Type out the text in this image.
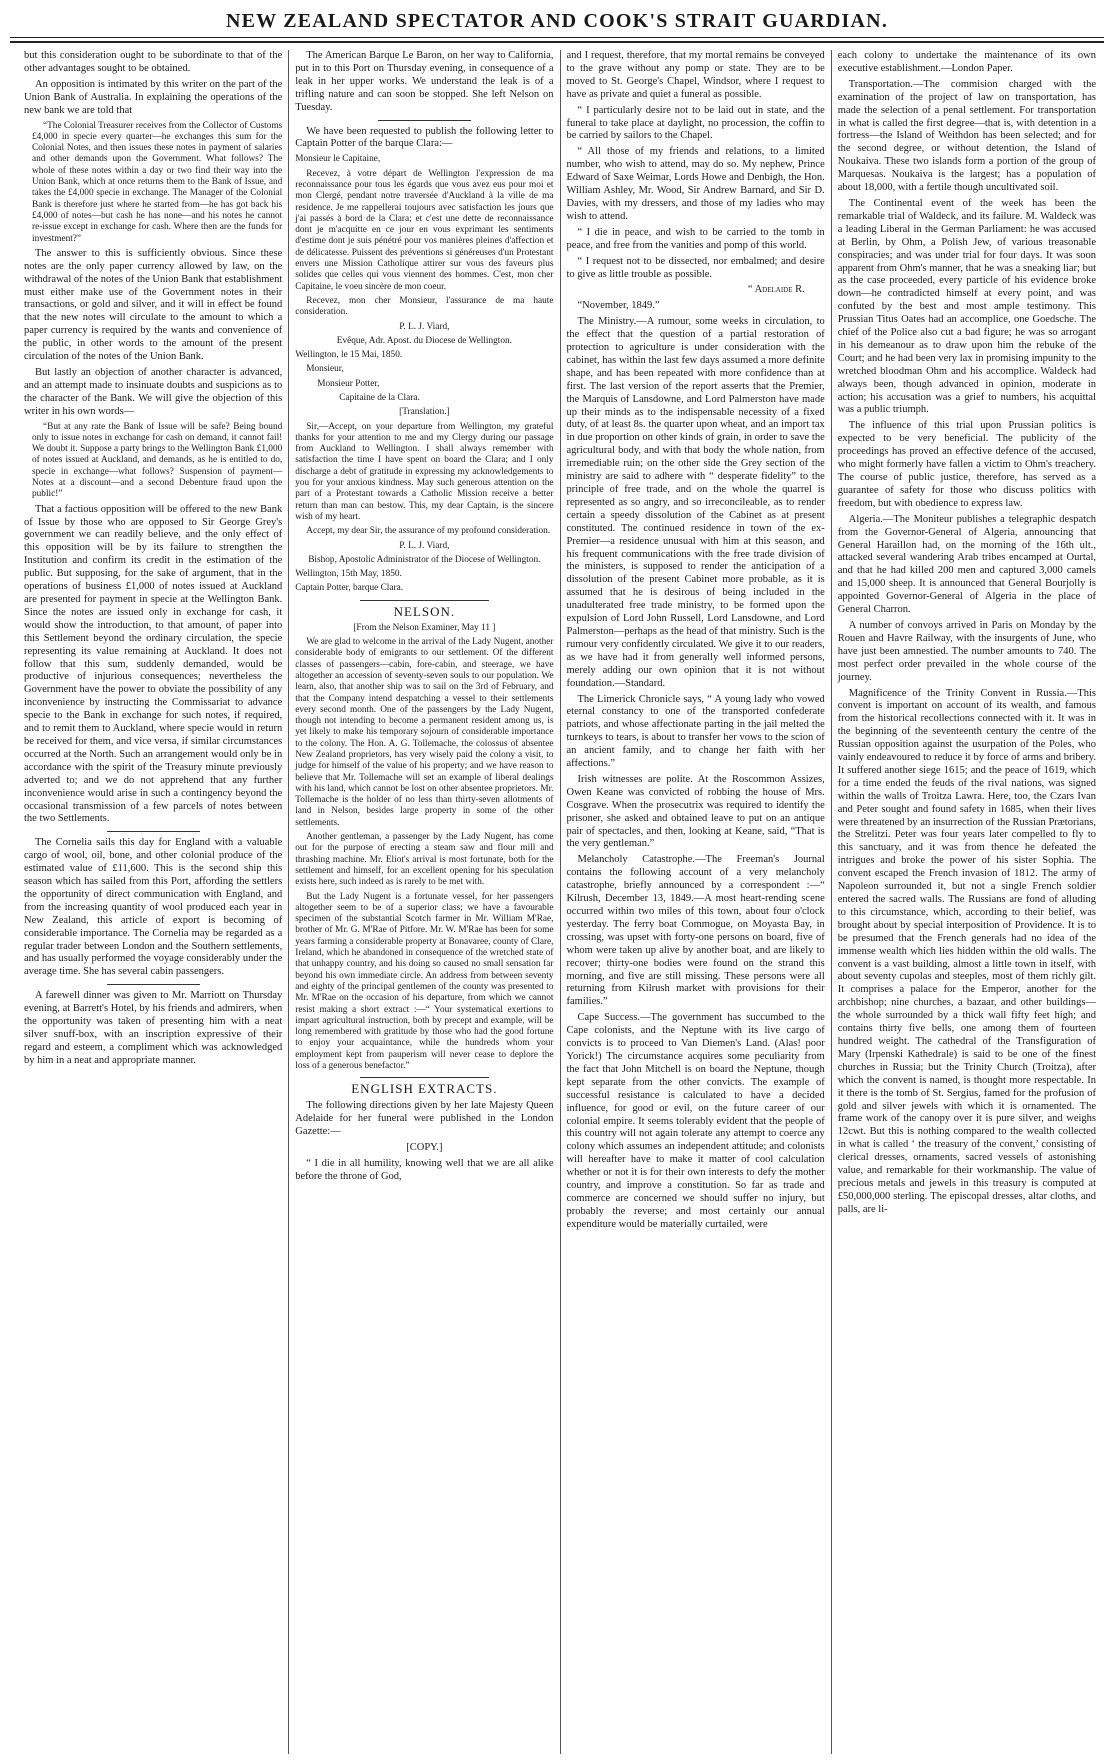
NEW ZEALAND SPECTATOR AND COOK'S STRAIT GUARDIAN.

but this consideration ought to be subordinate to that of the other advantages sought to be obtained.

An opposition is intimated by this writer on the part of the Union Bank of Australia. In explaining the operations of the new bank we are told that

“The Colonial Treasurer receives from the Collector of Customs £4,000 in specie every quarter—he exchanges this sum for the Colonial Notes, and then issues these notes in payment of salaries and other demands upon the Government. What follows? The whole of these notes within a day or two find their way into the Union Bank, which at once returns them to the Bank of Issue, and takes the £4,000 specie in exchange. The Manager of the Colonial Bank is therefore just where he started from—he has got back his £4,000 of notes—but cash he has none—and his notes he cannot re-issue except in exchange for cash. Where then are the funds for investment?”

The answer to this is sufficiently obvious. Since these notes are the only paper currency allowed by law, on the withdrawal of the notes of the Union Bank that establishment must either make use of the Government notes in their transactions, or gold and silver, and it will in effect be found that the new notes will circulate to the amount to which a paper currency is required by the wants and convenience of the public, in other words to the amount of the present circulation of the notes of the Union Bank.

But lastly an objection of another character is advanced, and an attempt made to insinuate doubts and suspicions as to the character of the Bank. We will give the objection of this writer in his own words—

“But at any rate the Bank of Issue will be safe? Being bound only to issue notes in exchange for cash on demand, it cannot fail! We doubt it. Suppose a party brings to the Wellington Bank £1,000 of notes issued at Auckland, and demands, as he is entitled to do, specie in exchange—what follows? Suspension of payment—Notes at a discount—and a second Debenture fraud upon the public!”

That a factious opposition will be offered to the new Bank of Issue by those who are opposed to Sir George Grey's government we can readily believe, and the only effect of this opposition will be by its failure to strengthen the Institution and confirm its credit in the estimation of the public. But supposing, for the sake of argument, that in the operations of business £1,000 of notes issued at Auckland are presented for payment in specie at the Wellington Bank. Since the notes are issued only in exchange for cash, it would show the introduction, to that amount, of paper into this Settlement beyond the ordinary circulation, the specie representing its value remaining at Auckland. It does not follow that this sum, suddenly demanded, would be productive of injurious consequences; nevertheless the Government have the power to obviate the possibility of any inconvenience by instructing the Commissariat to advance specie to the Bank in exchange for such notes, if required, and to remit them to Auckland, where specie would in return be received for them, and vice versa, if similar circumstances occurred at the North. Such an arrangement would only be in accordance with the spirit of the Treasury minute previously adverted to; and we do not apprehend that any further inconvenience would arise in such a contingency beyond the occasional transmission of a few parcels of notes between the two Settlements.

The Cornelia sails this day for England with a valuable cargo of wool, oil, bone, and other colonial produce of the estimated value of £11,600. This is the second ship this season which has sailed from this Port, affording the settlers the opportunity of direct communication with England, and from the increasing quantity of wool produced each year in New Zealand, this article of export is becoming of considerable importance. The Cornelia may be regarded as a regular trader between London and the Southern settlements, and has usually performed the voyage considerably under the average time. She has several cabin passengers.

A farewell dinner was given to Mr. Marriott on Thursday evening, at Barrett's Hotel, by his friends and admirers, when the opportunity was taken of presenting him with a neat silver snuff-box, with an inscription expressive of their regard and esteem, a compliment which was acknowledged by him in a neat and appropriate manner.

The American Barque Le Baron, on her way to California, put in to this Port on Thursday evening, in consequence of a leak in her upper works. We understand the leak is of a trifling nature and can soon be stopped. She left Nelson on Tuesday.

We have been requested to publish the following letter to Captain Potter of the barque Clara:—

Monsieur le Capitaine,

Recevez, à votre départ de Wellington l'expression de ma reconnaissance pour tous les égards que vous avez eus pour moi et mon Clergé, pendant notre traversée d'Auckland à la ville de ma residence. Je me rappellerai toujours avec satisfaction les jours que j'ai passés à bord de la Clara; et c'est une dette de reconnaissance dont je m'acquitte en ce jour en vous exprimant les sentiments d'estime dont je suis pénétré pour vos manières pleines d'affection et de délicatesse. Puissent des préventions si généreuses d'un Protestant envers une Mission Catholique attirer sur vous des faveurs plus solides que celles qui vous viennent des hommes. C'est, mon cher Capitaine, le voeu sincère de mon coeur.

Recevez, mon cher Monsieur, l'assurance de ma haute consideration.

P. L. J. Viard,

Evêque, Adr. Apost. du Diocese de Wellington.

Wellington, le 15 Mai, 1850.

Monsieur,

Monsieur Potter,

Capitaine de la Clara.

[Translation.]

Sir,—Accept, on your departure from Wellington, my grateful thanks for your attention to me and my Clergy during our passage from Auckland to Wellington. I shall always remember with satisfaction the time I have spent on board the Clara; and I only discharge a debt of gratitude in expressing my acknowledgements to you for your anxious kindness. May such generous attention on the part of a Protestant towards a Catholic Mission receive a better return than man can bestow. This, my dear Captain, is the sincere wish of my heart.

Accept, my dear Sir, the assurance of my profound consideration.

P. L. J. Viard,

Bishop, Apostolic Administrator of the Diocese of Wellington.

Wellington, 15th May, 1850.

Captain Potter, barque Clara.

NELSON.

[From the Nelson Examiner, May 11 ]

We are glad to welcome in the arrival of the Lady Nugent, another considerable body of emigrants to our settlement. Of the different classes of passengers—cabin, fore-cabin, and steerage, we have altogether an accession of seventy-seven souls to our population. We learn, also, that another ship was to sail on the 3rd of February, and that the Company intend despatching a vessel to their settlements every second month. One of the passengers by the Lady Nugent, though not intending to become a permanent resident among us, is yet likely to make his temporary sojourn of considerable importance to the colony. The Hon. A. G. Tollemache, the colossus of absentee New Zealand proprietors, has very wisely paid the colony a visit, to judge for himself of the value of his property; and we have reason to believe that Mr. Tollemache will set an example of liberal dealings with his land, which cannot be lost on other absentee proprietors. Mr. Tollemache is the holder of no less than thirty-seven allotments of land in Nelson, besides large property in some of the other settlements.

Another gentleman, a passenger by the Lady Nugent, has come out for the purpose of erecting a steam saw and flour mill and thrashing machine. Mr. Eliot's arrival is most fortunate, both for the settlement and himself, for an excellent opening for his speculation exists here, such indeed as is rarely to be met with.

But the Lady Nugent is a fortunate vessel, for her passengers altogether seem to be of a superior class; we have a favourable specimen of the substantial Scotch farmer in Mr. William M'Rae, brother of Mr. G. M'Rae of Pitfore. Mr. W. M'Rae has been for some years farming a considerable property at Bonavaree, county of Clare, Ireland, which he abandoned in consequence of the wretched state of that unhappy country, and his doing so caused no small sensation far beyond his own immediate circle. An address from between seventy and eighty of the principal gentlemen of the county was presented to Mr. M'Rae on the occasion of his departure, from which we cannot resist making a short extract :—“ Your systematical exertions to impart agricultural instruction, both by precept and example, will be long remembered with gratitude by those who had the good fortune to enjoy your acquaintance, while the hundreds whom your employment kept from pauperism will never cease to deplore the loss of a generous benefactor.”

ENGLISH EXTRACTS.

The following directions given by her late Majesty Queen Adelaide for her funeral were published in the London Gazette:—

[COPY.]

“ I die in all humility, knowing well that we are all alike before the throne of God,

and I request, therefore, that my mortal remains be conveyed to the grave without any pomp or state. They are to be moved to St. George's Chapel, Windsor, where I request to have as private and quiet a funeral as possible.

“ I particularly desire not to be laid out in state, and the funeral to take place at daylight, no procession, the coffin to be carried by sailors to the Chapel.

“ All those of my friends and relations, to a limited number, who wish to attend, may do so. My nephew, Prince Edward of Saxe Weimar, Lords Howe and Denbigh, the Hon. William Ashley, Mr. Wood, Sir Andrew Barnard, and Sir D. Davies, with my dressers, and those of my ladies who may wish to attend.

“ I die in peace, and wish to be carried to the tomb in peace, and free from the vanities and pomp of this world.

“ I request not to be dissected, nor embalmed; and desire to give as little trouble as possible.

“ Adelaide R.

“November, 1849.”

The Ministry.—A rumour, some weeks in circulation, to the effect that the question of a partial restoration of protection to agriculture is under consideration with the cabinet, has within the last few days assumed a more definite shape, and has been repeated with more confidence than at first. The last version of the report asserts that the Premier, the Marquis of Lansdowne, and Lord Palmerston have made up their minds as to the indispensable necessity of a fixed duty, of at least 8s. the quarter upon wheat, and an import tax in due proportion on other kinds of grain, in order to save the agricultural body, and with that body the whole nation, from irremediable ruin; on the other side the Grey section of the ministry are said to adhere with “ desperate fidelity” to the principle of free trade, and on the whole the quarrel is represented as so angry, and so irreconcileable, as to render certain a speedy dissolution of the Cabinet as at present constituted. The continued residence in town of the ex-Premier—a residence unusual with him at this season, and his frequent communications with the free trade division of the ministers, is supposed to render the anticipation of a dissolution of the present Cabinet more probable, as it is assumed that he is desirous of being included in the unadulterated free trade ministry, to be formed upon the expulsion of Lord John Russell, Lord Lansdowne, and Lord Palmerston—perhaps as the head of that ministry. Such is the rumour very confidently circulated. We give it to our readers, as we have had it from generally well informed persons, merely adding our own opinion that it is not without foundation.—Standard.

The Limerick Chronicle says, “ A young lady who vowed eternal constancy to one of the transported confederate patriots, and whose affectionate parting in the jail melted the turnkeys to tears, is about to transfer her vows to the scion of an ancient family, and to change her faith with her affections.”

Irish witnesses are polite. At the Roscommon Assizes, Owen Keane was convicted of robbing the house of Mrs. Cosgrave. When the prosecutrix was required to identify the prisoner, she asked and obtained leave to put on an antique pair of spectacles, and then, looking at Keane, said, “That is the very gentleman.”

Melancholy Catastrophe.—The Freeman's Journal contains the following account of a very melancholy catastrophe, briefly announced by a correspondent :—“ Kilrush, December 13, 1849.—A most heart-rending scene occurred within two miles of this town, about four o'clock yesterday. The ferry boat Commogue, on Moyasta Bay, in crossing, was upset with forty-one persons on board, five of whom were taken up alive by another boat, and are likely to recover; thirty-one bodies were found on the strand this morning, and five are still missing. These persons were all returning from Kilrush market with provisions for their families.”

Cape Success.—The government has succumbed to the Cape colonists, and the Neptune with its live cargo of convicts is to proceed to Van Diemen's Land. (Alas! poor Yorick!) The circumstance acquires some peculiarity from the fact that John Mitchell is on board the Neptune, though kept separate from the other convicts. The example of successful resistance is calculated to have a decided influence, for good or evil, on the future career of our colonial empire. It seems tolerably evident that the people of this country will not again tolerate any attempt to coerce any colony which assumes an independent attitude; and colonists will hereafter have to make it matter of cool calculation whether or not it is for their own interests to defy the mother country, and improve a constitution. So far as trade and commerce are concerned we should suffer no injury, but probably the reverse; and most certainly our annual expenditure would be materially curtailed, were

each colony to undertake the maintenance of its own executive establishment.—London Paper.

Transportation.—The commision charged with the examination of the project of law on transportation, has made the selection of a penal settlement. For transportation in what is called the first degree—that is, with detention in a fortress—the Island of Weithdon has been selected; and for the second degree, or without detention, the Island of Noukaiva. These two islands form a portion of the group of Marquesas. Noukaiva is the largest; has a population of about 18,000, with a fertile though uncultivated soil.

The Continental event of the week has been the remarkable trial of Waldeck, and its failure. M. Waldeck was a leading Liberal in the German Parliament: he was accused at Berlin, by Ohm, a Polish Jew, of various treasonable conspiracies; and was under trial for four days. It was soon apparent from Ohm's manner, that he was a sneaking liar; but as the case proceeded, every particle of his evidence broke down—he contradicted himself at every point, and was confuted by the best and most ample testimony. This Prussian Titus Oates had an accomplice, one Goedsche. The chief of the Police also cut a bad figure; he was so arrogant in his demeanour as to draw upon him the rebuke of the Court; and he had been very lax in promising impunity to the wretched bloodman Ohm and his accomplice. Waldeck had always been, though advanced in opinion, moderate in action; his accusation was a grief to numbers, his acquittal was a public triumph.

The influence of this trial upon Prussian politics is expected to be very beneficial. The publicity of the proceedings has proved an effective defence of the accused, who might formerly have fallen a victim to Ohm's treachery. The course of public justice, therefore, has served as a guarantee of safety for those who discuss politics with freedom, but with obedience to express law.

Algeria.—The Moniteur publishes a telegraphic despatch from the Governor-General of Algeria, announcing that General Haraillon had, on the morning of the 16th ult., attacked several wandering Arab tribes encamped at Ourtal, and that he had killed 200 men and captured 3,000 camels and 15,000 sheep. It is announced that General Bourjolly is appointed Governor-General of Algeria in the place of General Charron.

A number of convoys arrived in Paris on Monday by the Rouen and Havre Railway, with the insurgents of June, who have just been amnestied. The number amounts to 740. The most perfect order prevailed in the whole course of the journey.

Magnificence of the Trinity Convent in Russia.—This convent is important on account of its wealth, and famous from the historical recollections connected with it. It was in the beginning of the seventeenth century the centre of the Russian opposition against the usurpation of the Poles, who vainly endeavoured to reduce it by force of arms and bribery. It suffered another siege 1615; and the peace of 1619, which for a time ended the feuds of the rival nations, was signed within the walls of Troitza Lawra. Here, too, the Czars Ivan and Peter sought and found safety in 1685, when their lives were threatened by an insurrection of the Russian Prætorians, the Strelitzi. Peter was four years later compelled to fly to this sanctuary, and it was from thence he defeated the intrigues and broke the power of his sister Sophia. The convent escaped the French invasion of 1812. The army of Napoleon surrounded it, but not a single French soldier entered the sacred walls. The Russians are fond of alluding to this circumstance, which, according to their belief, was brought about by special interposition of Providence. It is to be presumed that the French generals had no idea of the immense wealth which lies hidden within the old walls. The convent is a vast building, almost a little town in itself, with about seventy cupolas and steeples, most of them richly gilt. It comprises a palace for the Emperor, another for the archbishop; nine churches, a bazaar, and other buildings—the whole surrounded by a thick wall fifty feet high; and contains thirty five bells, one among them of fourteen hundred weight. The cathedral of the Transfiguration of Mary (Irpenski Kathedrale) is said to be one of the finest churches in Russia; but the Trinity Church (Troitza), after which the convent is named, is thought more respectable. In it there is the tomb of St. Sergius, famed for the profusion of gold and silver jewels with which it is ornamented. The frame work of the canopy over it is pure silver, and weighs 12cwt. But this is nothing compared to the wealth collected in what is called ‘ the treasury of the convent,’ consisting of clerical dresses, ornaments, sacred vessels of astonishing value, and remarkable for their workmanship. The value of precious metals and jewels in this treasury is computed at £50,000,000 sterling. The episcopal dresses, altar cloths, and palls, are li-
